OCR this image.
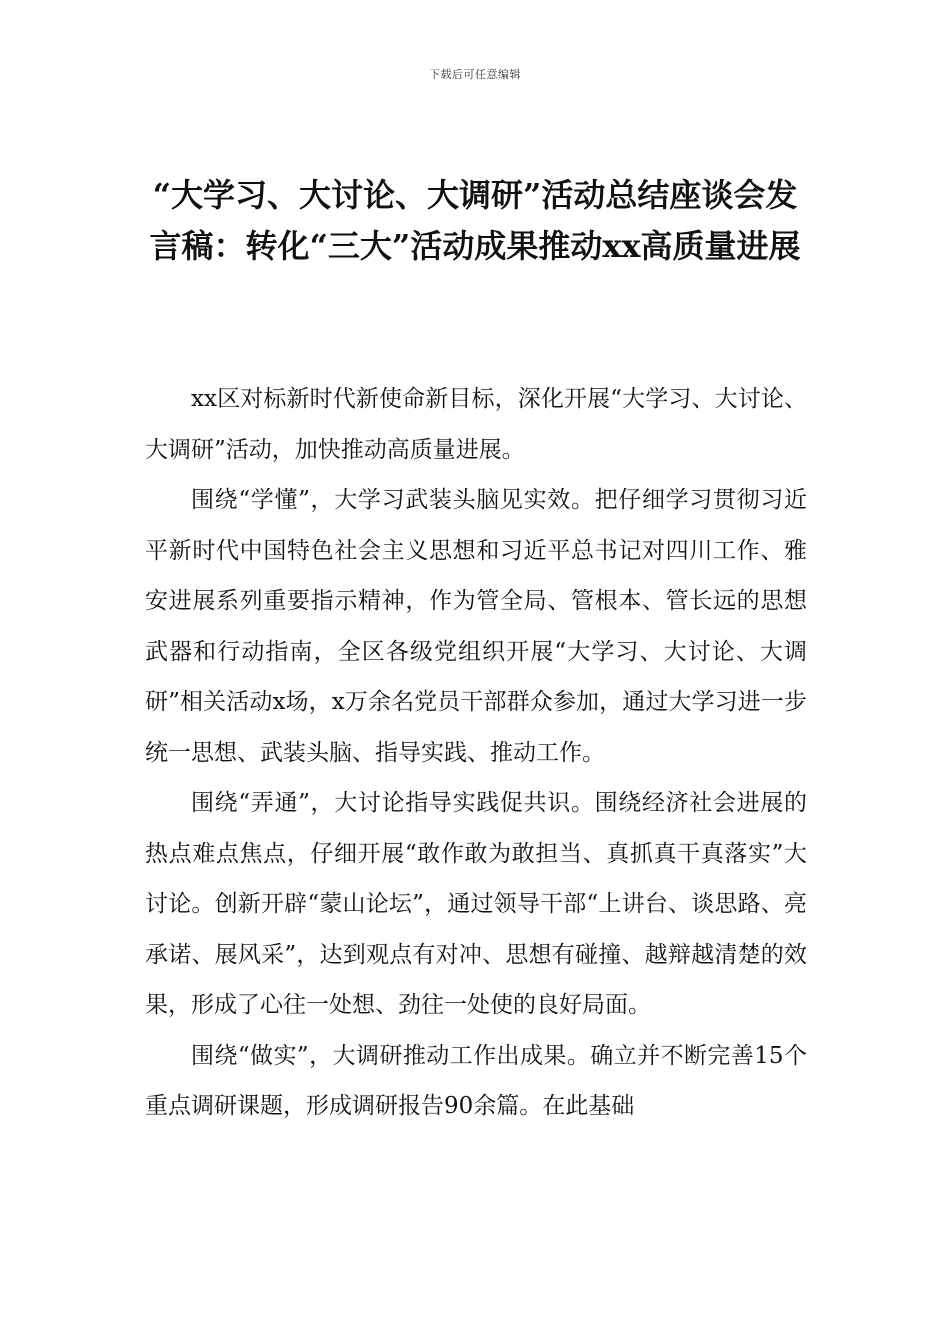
下载后可任意编辑
“大学习、大讨论、大调研”活动总结座谈会发言稿：转化“三大”活动成果推动xx高质量进展

xx区对标新时代新使命新目标，深化开展“大学习、大讨论、大调研”活动，加快推动高质量进展。

围绕“学懂”，大学习武装头脑见实效。把仔细学习贯彻习近平新时代中国特色社会主义思想和习近平总书记对四川工作、雅安进展系列重要指示精神，作为管全局、管根本、管长远的思想武器和行动指南，全区各级党组织开展“大学习、大讨论、大调研”相关活动x场，x万余名党员干部群众参加，通过大学习进一步统一思想、武装头脑、指导实践、推动工作。

围绕“弄通”，大讨论指导实践促共识。围绕经济社会进展的热点难点焦点，仔细开展“敢作敢为敢担当、真抓真干真落实”大讨论。创新开辟“蒙山论坛”，通过领导干部“上讲台、谈思路、亮承诺、展风采”，达到观点有对冲、思想有碰撞、越辩越清楚的效果，形成了心往一处想、劲往一处使的良好局面。

围绕“做实”，大调研推动工作出成果。确立并不断完善15个重点调研课题，形成调研报告90余篇。在此基础
